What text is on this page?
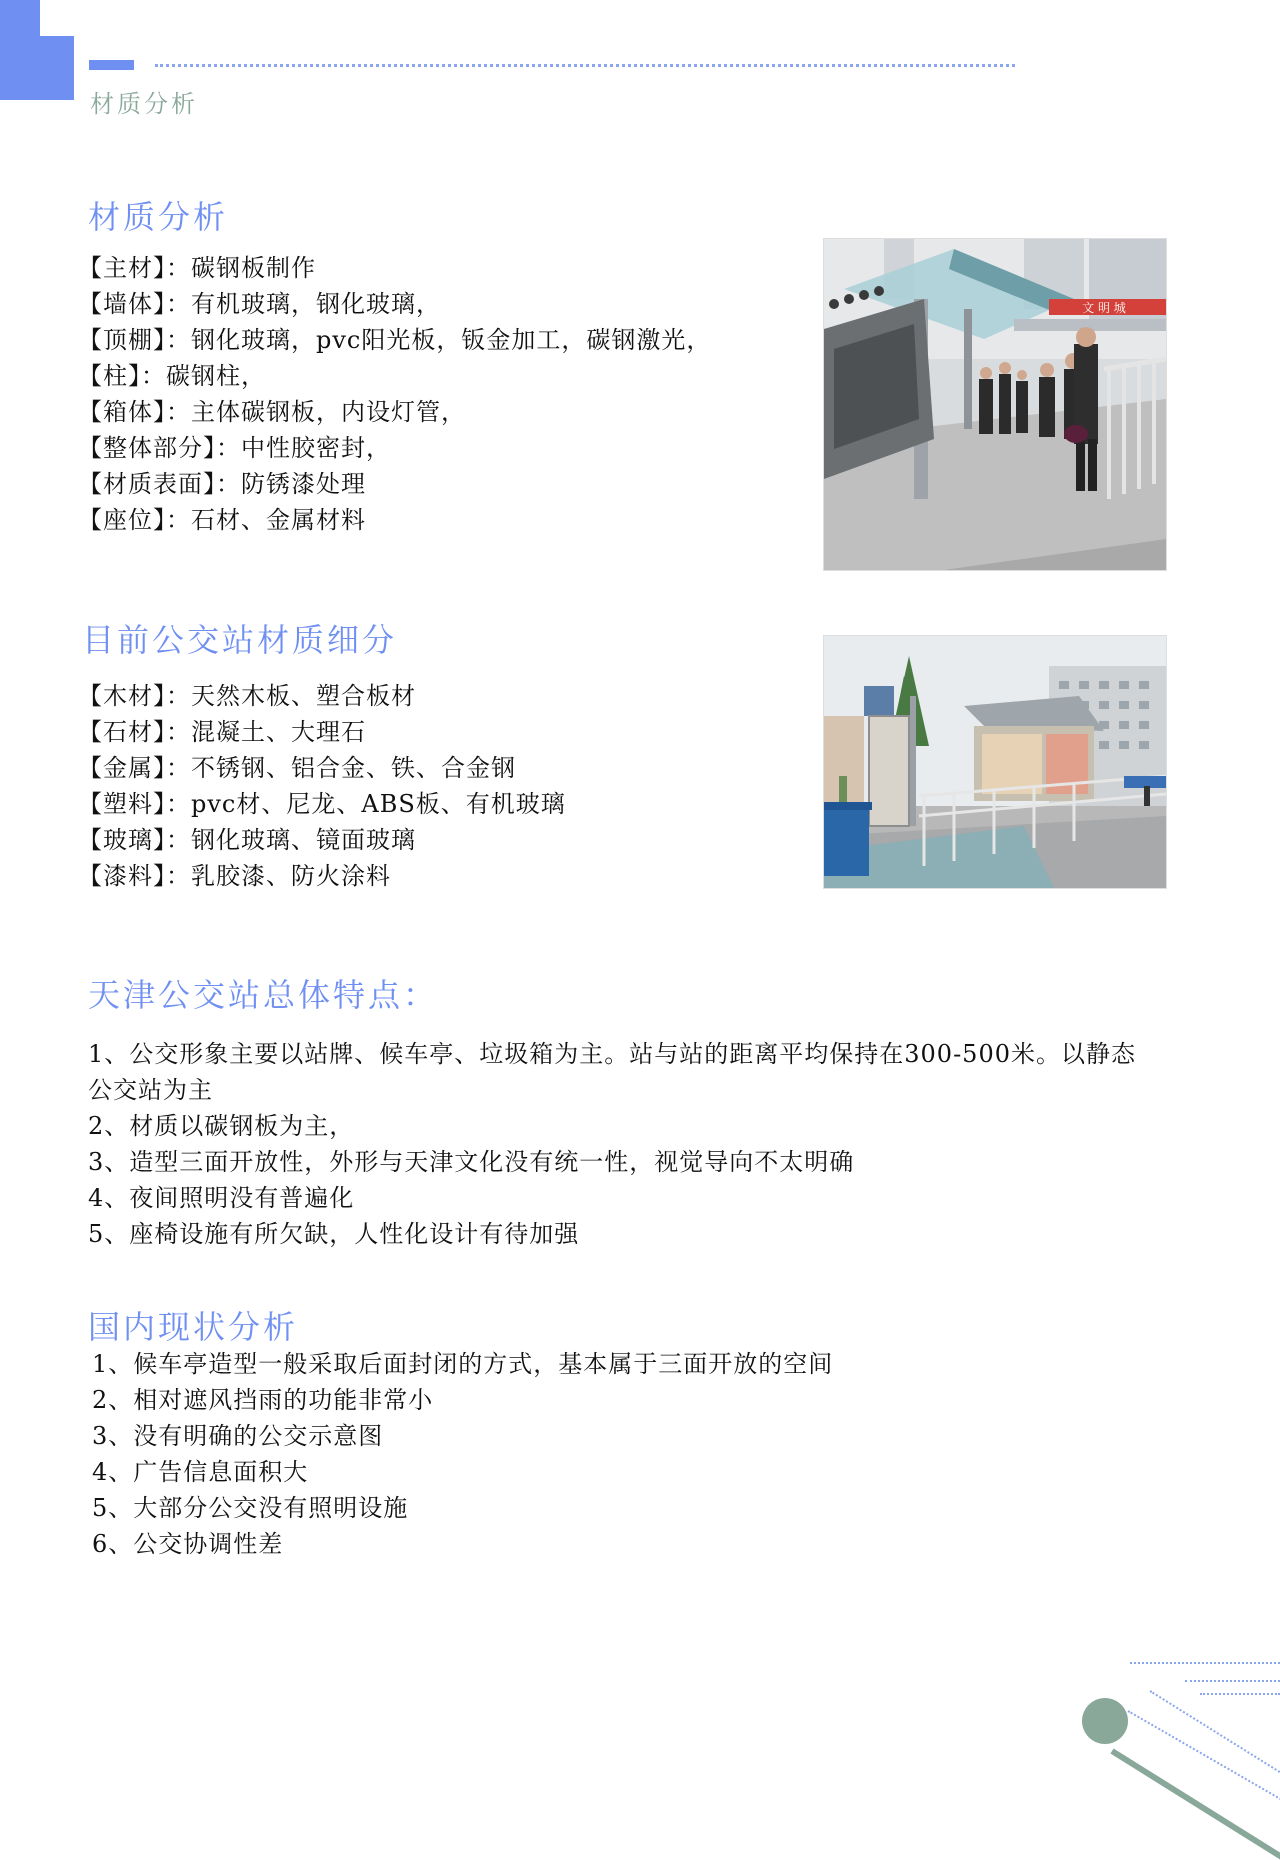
材质分析
材质分析
【主材】：碳钢板制作
【墙体】：有机玻璃，钢化玻璃，
【顶棚】：钢化玻璃，pvc阳光板，钣金加工，碳钢激光，
【柱】：碳钢柱，
【箱体】：主体碳钢板，内设灯管，
【整体部分】：中性胶密封，
【材质表面】：防锈漆处理
【座位】：石材、金属材料
文 明 城
目前公交站材质细分
【木材】：天然木板、塑合板材
【石材】：混凝土、大理石
【金属】：不锈钢、铝合金、铁、合金钢
【塑料】：pvc材、尼龙、ABS板、有机玻璃
【玻璃】：钢化玻璃、镜面玻璃
【漆料】：乳胶漆、防火涂料
天津公交站总体特点：
1、公交形象主要以站牌、候车亭、垃圾箱为主。站与站的距离平均保持在300-500米。以静态
公交站为主
2、材质以碳钢板为主，
3、造型三面开放性，外形与天津文化没有统一性，视觉导向不太明确
4、夜间照明没有普遍化
5、座椅设施有所欠缺，人性化设计有待加强
国内现状分析
1、候车亭造型一般采取后面封闭的方式，基本属于三面开放的空间
2、相对遮风挡雨的功能非常小
3、没有明确的公交示意图
4、广告信息面积大
5、大部分公交没有照明设施
6、公交协调性差
